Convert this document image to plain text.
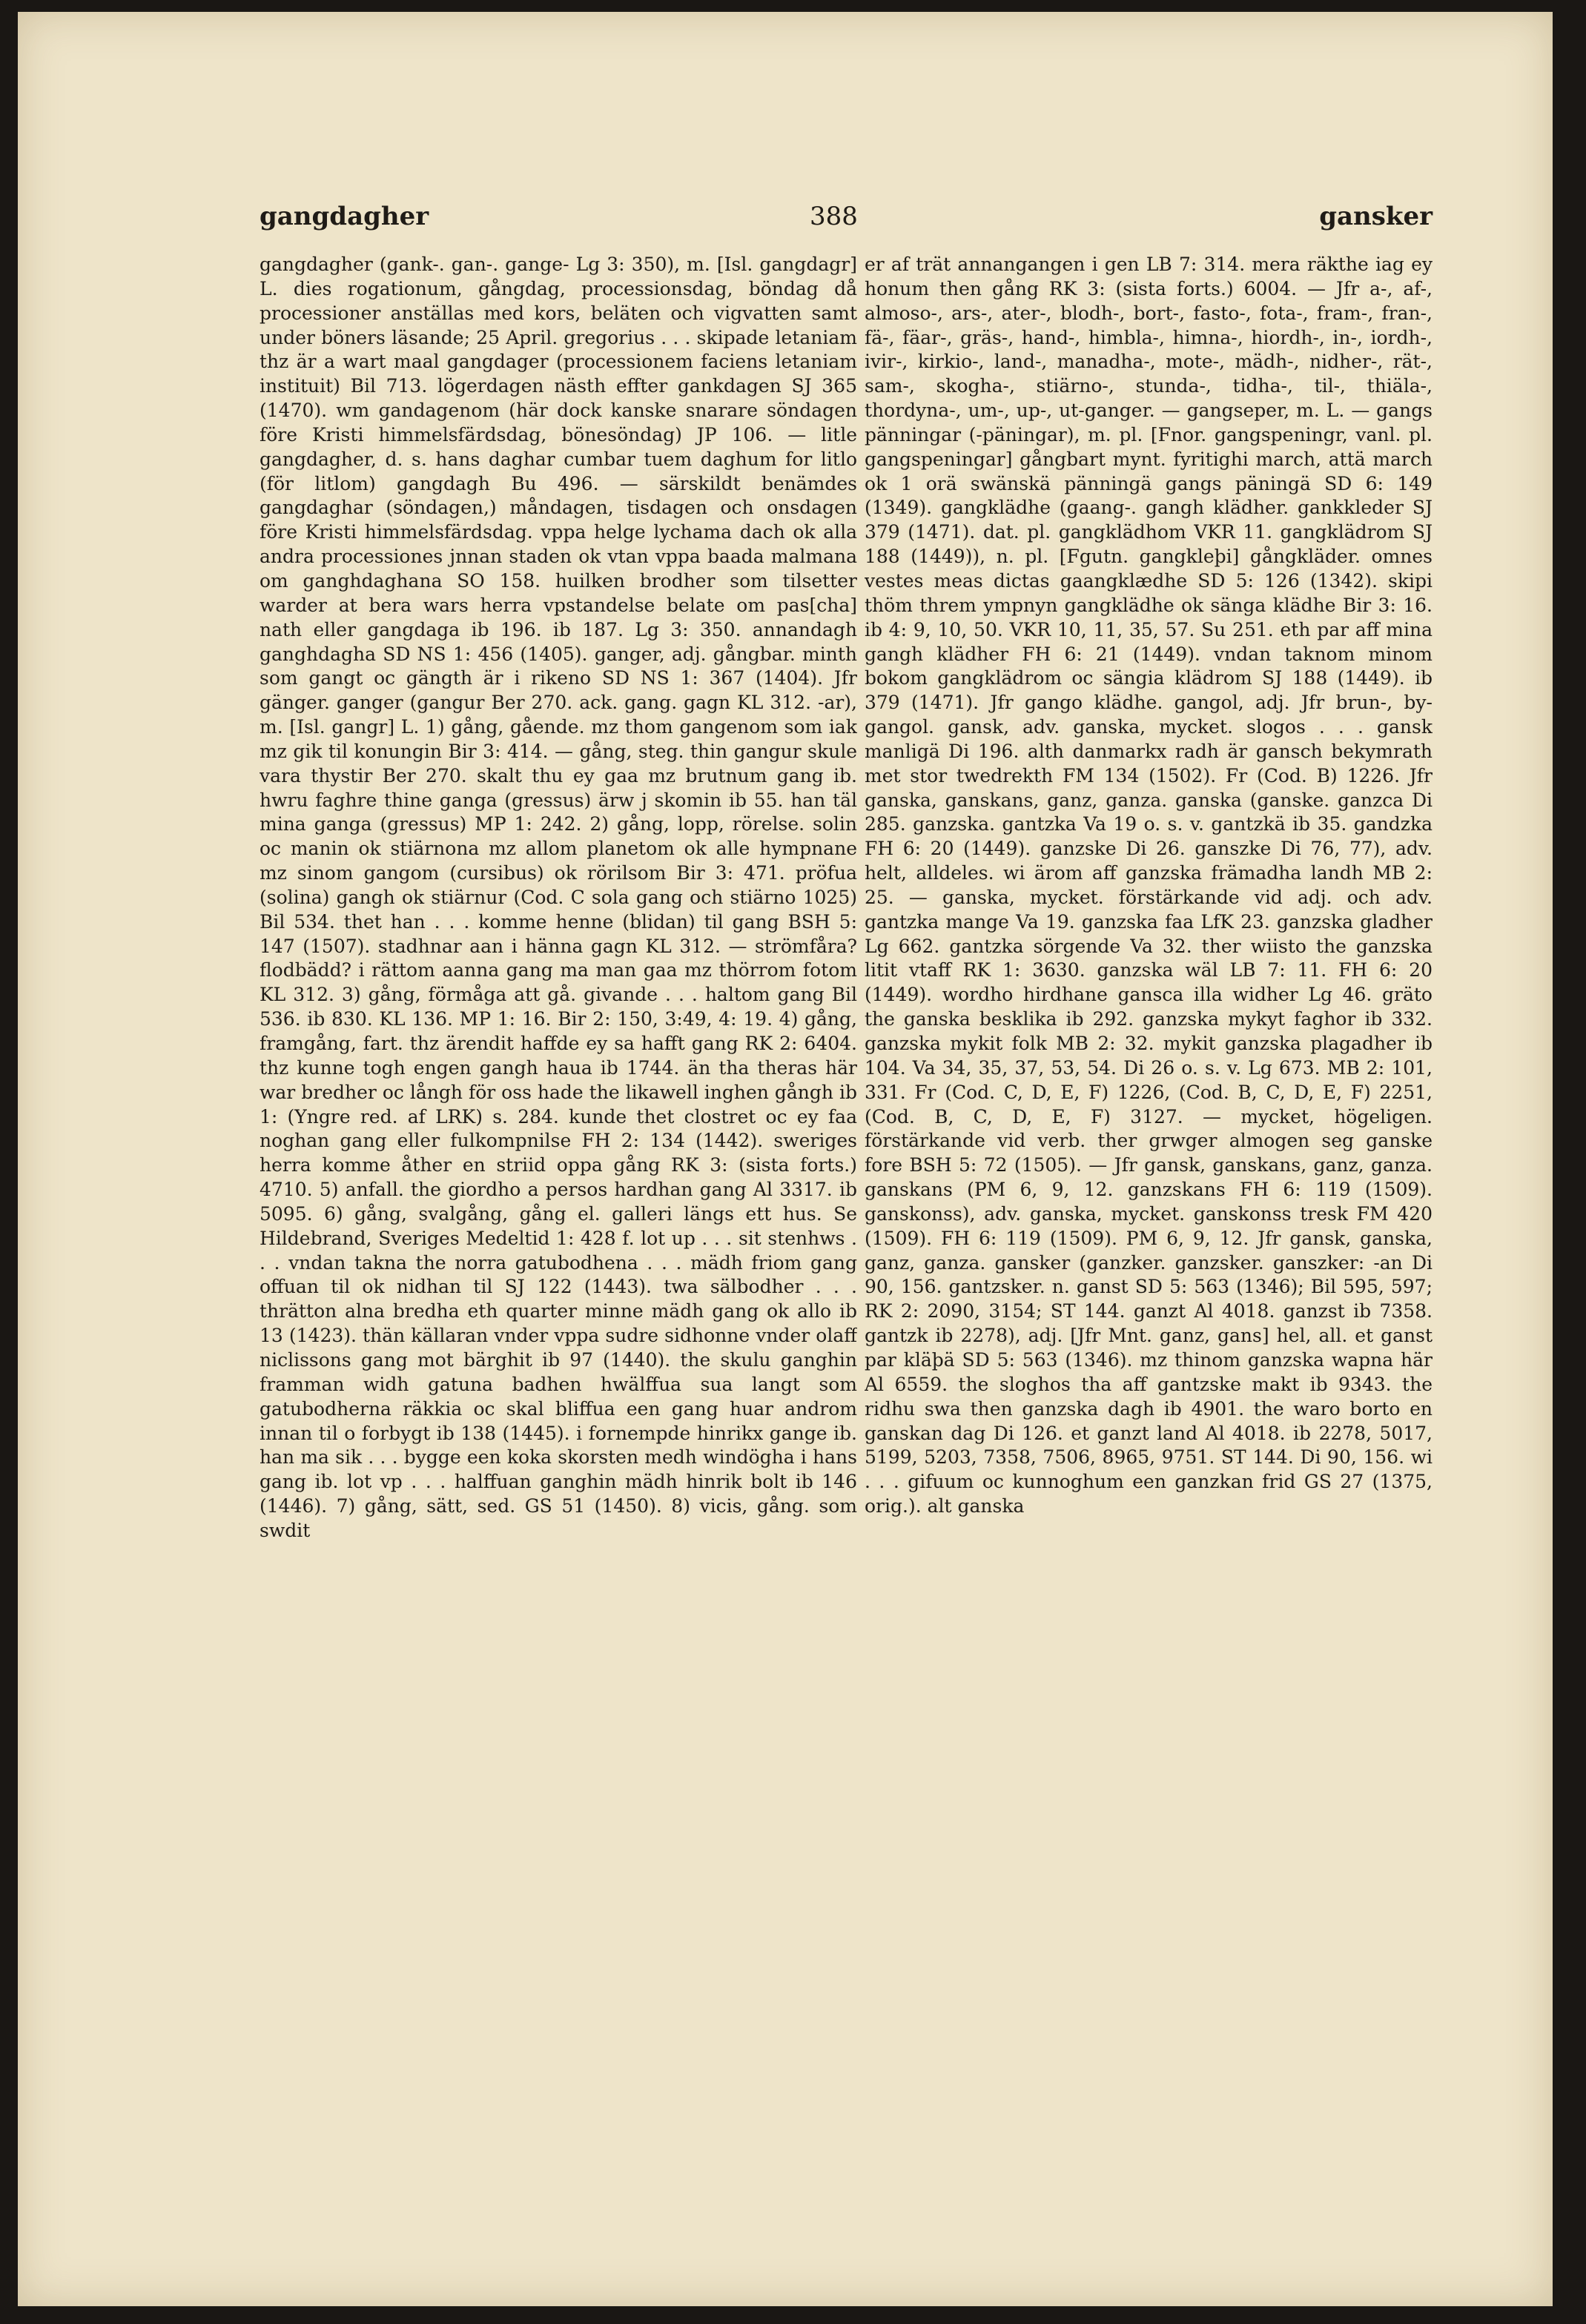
gangdagher	388	gansker

gangdagher (gank-. gan-. gange- Lg 3: 350), m. [Isl. gangdagr] L. dies rogationum, gångdag, processionsdag, böndag då processioner anställas med kors, beläten och vigvatten samt under böners läsande; 25 April. gregorius . . . skipade letaniam thz är a wart maal gangdager (processionem faciens letaniam instituit) Bil 713. lögerdagen nästh effter gankdagen SJ 365 (1470). wm gandagenom (här dock kanske snarare söndagen före Kristi himmelsfärdsdag, bönesöndag) JP 106. — litle gangdagher, d. s. hans daghar cumbar tuem daghum for litlo (för litlom) gangdagh Bu 496. — särskildt benämdes gangdaghar (söndagen,) måndagen, tisdagen och onsdagen före Kristi himmelsfärdsdag. vppa helge lychama dach ok alla andra processiones jnnan staden ok vtan vppa baada malmana om ganghdaghana SO 158. huilken brodher som tilsetter warder at bera wars herra vpstandelse belate om pas[cha] nath eller gangdaga ib 196. ib 187. Lg 3: 350. annandagh ganghdagha SD NS 1: 456 (1405). ganger, adj. gångbar. minth som gangt oc gängth är i rikeno SD NS 1: 367 (1404). Jfr gänger. ganger (gangur Ber 270. ack. gang. gagn KL 312. -ar), m. [Isl. gangr] L. 1) gång, gående. mz thom gangenom som iak mz gik til konungin Bir 3: 414. — gång, steg. thin gangur skule vara thystir Ber 270. skalt thu ey gaa mz brutnum gang ib. hwru faghre thine ganga (gressus) ärw j skomin ib 55. han täl mina ganga (gressus) MP 1: 242. 2) gång, lopp, rörelse. solin oc manin ok stiärnona mz allom planetom ok alle hympnane mz sinom gangom (cursibus) ok rörilsom Bir 3: 471. pröfua (solina) gangh ok stiärnur (Cod. C sola gang och stiärno 1025) Bil 534. thet han . . . komme henne (blidan) til gang BSH 5: 147 (1507). stadhnar aan i hänna gagn KL 312. — strömfåra? flodbädd? i rättom aanna gang ma man gaa mz thörrom fotom KL 312. 3) gång, förmåga att gå. givande . . . haltom gang Bil 536. ib 830. KL 136. MP 1: 16. Bir 2: 150, 3:49, 4: 19. 4) gång, framgång, fart. thz ärendit haffde ey sa hafft gang RK 2: 6404. thz kunne togh engen gangh haua ib 1744. än tha theras här war bredher oc långh för oss hade the likawell inghen gångh ib 1: (Yngre red. af LRK) s. 284. kunde thet clostret oc ey faa noghan gang eller fulkompnilse FH 2: 134 (1442). sweriges herra komme åther en striid oppa gång RK 3: (sista forts.) 4710. 5) anfall. the giordho a persos hardhan gang Al 3317. ib 5095. 6) gång, svalgång, gång el. galleri längs ett hus. Se Hildebrand, Sveriges Medeltid 1: 428 f. lot up . . . sit stenhws . . . vndan takna the norra gatubodhena . . . mädh friom gang offuan til ok nidhan til SJ 122 (1443). twa sälbodher . . . thrätton alna bredha eth quarter minne mädh gang ok allo ib 13 (1423). thän källaran vnder vppa sudre sidhonne vnder olaff niclissons gang mot bärghit ib 97 (1440). the skulu ganghin framman widh gatuna badhen hwälffua sua langt som gatubodherna räkkia oc skal bliffua een gang huar androm innan til o forbygt ib 138 (1445). i fornempde hinrikx gange ib. han ma sik . . . bygge een koka skorsten medh windögha i hans gang ib. lot vp . . . halffuan ganghin mädh hinrik bolt ib 146 (1446). 7) gång, sätt, sed. GS 51 (1450). 8) vicis, gång. som swdit

er af trät annangangen i gen LB 7: 314. mera räkthe iag ey honum then gång RK 3: (sista forts.) 6004. — Jfr a-, af-, almoso-, ars-, ater-, blodh-, bort-, fasto-, fota-, fram-, fran-, fä-, fäar-, gräs-, hand-, himbla-, himna-, hiordh-, in-, iordh-, ivir-, kirkio-, land-, manadha-, mote-, mädh-, nidher-, rät-, sam-, skogha-, stiärno-, stunda-, tidha-, til-, thiäla-, thordyna-, um-, up-, ut-ganger. — gangseper, m. L. — gangs pänningar (-päningar), m. pl. [Fnor. gangspeningr, vanl. pl. gangspeningar] gångbart mynt. fyritighi march, attä march ok 1 orä swänskä pänningä gangs päningä SD 6: 149 (1349). gangklädhe (gaang-. gangh klädher. gankkleder SJ 379 (1471). dat. pl. gangklädhom VKR 11. gangklädrom SJ 188 (1449)), n. pl. [Fgutn. gangkleþi] gångkläder. omnes vestes meas dictas gaangklædhe SD 5: 126 (1342). skipi thöm threm ympnyn gangklädhe ok sänga klädhe Bir 3: 16. ib 4: 9, 10, 50. VKR 10, 11, 35, 57. Su 251. eth par aff mina gangh klädher FH 6: 21 (1449). vndan taknom minom bokom gangklädrom oc sängia klädrom SJ 188 (1449). ib 379 (1471). Jfr gango klädhe. gangol, adj. Jfr brun-, by-gangol. gansk, adv. ganska, mycket. slogos . . . gansk manligä Di 196. alth danmarkx radh är gansch bekymrath met stor twedrekth FM 134 (1502). Fr (Cod. B) 1226. Jfr ganska, ganskans, ganz, ganza. ganska (ganske. ganzca Di 285. ganzska. gantzka Va 19 o. s. v. gantzkä ib 35. gandzka FH 6: 20 (1449). ganzske Di 26. ganszke Di 76, 77), adv. helt, alldeles. wi ärom aff ganzska främadha landh MB 2: 25. — ganska, mycket. förstärkande vid adj. och adv. gantzka mange Va 19. ganzska faa LfK 23. ganzska gladher Lg 662. gantzka sörgende Va 32. ther wiisto the ganzska litit vtaff RK 1: 3630. ganzska wäl LB 7: 11. FH 6: 20 (1449). wordho hirdhane gansca illa widher Lg 46. gräto the ganska besklika ib 292. ganzska mykyt faghor ib 332. ganzska mykit folk MB 2: 32. mykit ganzska plagadher ib 104. Va 34, 35, 37, 53, 54. Di 26 o. s. v. Lg 673. MB 2: 101, 331. Fr (Cod. C, D, E, F) 1226, (Cod. B, C, D, E, F) 2251, (Cod. B, C, D, E, F) 3127. — mycket, högeligen. förstärkande vid verb. ther grwger almogen seg ganske fore BSH 5: 72 (1505). — Jfr gansk, ganskans, ganz, ganza. ganskans (PM 6, 9, 12. ganzskans FH 6: 119 (1509). ganskonss), adv. ganska, mycket. ganskonss tresk FM 420 (1509). FH 6: 119 (1509). PM 6, 9, 12. Jfr gansk, ganska, ganz, ganza. gansker (ganzker. ganzsker. ganszker: -an Di 90, 156. gantzsker. n. ganst SD 5: 563 (1346); Bil 595, 597; RK 2: 2090, 3154; ST 144. ganzt Al 4018. ganzst ib 7358. gantzk ib 2278), adj. [Jfr Mnt. ganz, gans] hel, all. et ganst par kläþä SD 5: 563 (1346). mz thinom ganzska wapna här Al 6559. the sloghos tha aff gantzske makt ib 9343. the ridhu swa then ganzska dagh ib 4901. the waro borto en ganskan dag Di 126. et ganzt land Al 4018. ib 2278, 5017, 5199, 5203, 7358, 7506, 8965, 9751. ST 144. Di 90, 156. wi . . . gifuum oc kunnoghum een ganzkan frid GS 27 (1375, orig.). alt ganska
